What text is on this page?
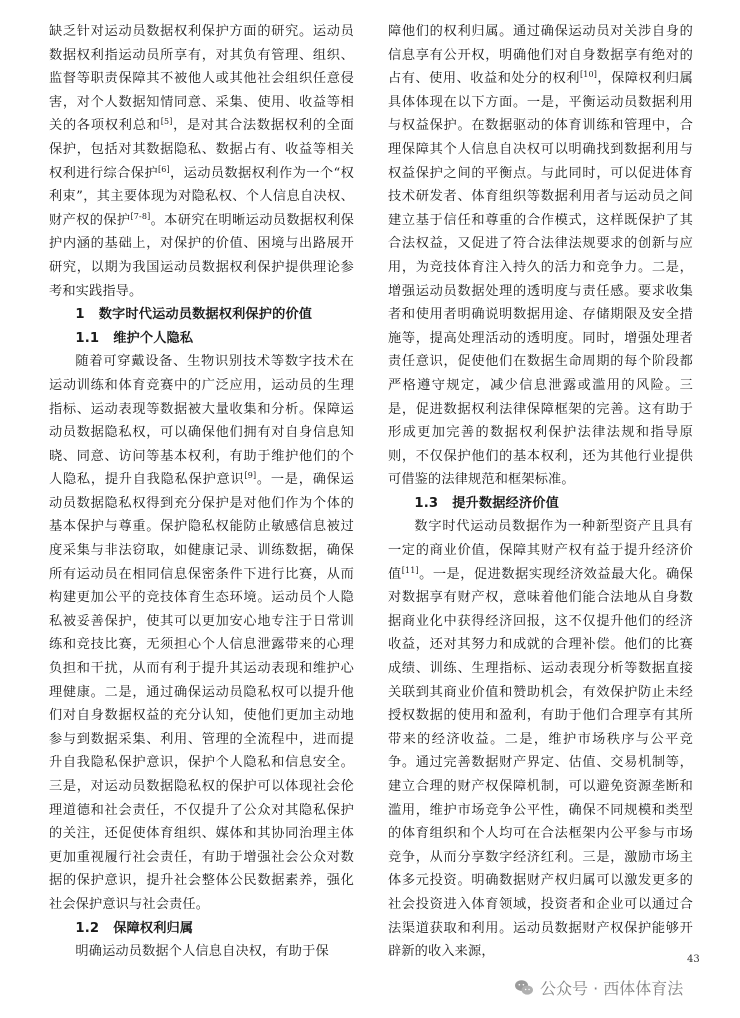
缺乏针对运动员数据权利保护方面的研究。运动员数据权利指运动员所享有，对其负有管理、组织、监督等职责保障其不被他人或其他社会组织任意侵害，对个人数据知情同意、采集、使用、收益等相关的各项权利总和[5]，是对其合法数据权利的全面保护，包括对其数据隐私、数据占有、收益等相关权利进行综合保护[6]，运动员数据权利作为一个“权利束”，其主要体现为对隐私权、个人信息自决权、财产权的保护[7-8]。本研究在明晰运动员数据权利保护内涵的基础上，对保护的价值、困境与出路展开研究，以期为我国运动员数据权利保护提供理论参考和实践指导。

1 数字时代运动员数据权利保护的价值

1.1 维护个人隐私

随着可穿戴设备、生物识别技术等数字技术在运动训练和体育竞赛中的广泛应用，运动员的生理指标、运动表现等数据被大量收集和分析。保障运动员数据隐私权，可以确保他们拥有对自身信息知晓、同意、访问等基本权利，有助于维护他们的个人隐私，提升自我隐私保护意识[9]。一是，确保运动员数据隐私权得到充分保护是对他们作为个体的基本保护与尊重。保护隐私权能防止敏感信息被过度采集与非法窃取，如健康记录、训练数据，确保所有运动员在相同信息保密条件下进行比赛，从而构建更加公平的竞技体育生态环境。运动员个人隐私被妥善保护，使其可以更加安心地专注于日常训练和竞技比赛，无须担心个人信息泄露带来的心理负担和干扰，从而有利于提升其运动表现和维护心理健康。二是，通过确保运动员隐私权可以提升他们对自身数据权益的充分认知，使他们更加主动地参与到数据采集、利用、管理的全流程中，进而提升自我隐私保护意识，保护个人隐私和信息安全。三是，对运动员数据隐私权的保护可以体现社会伦理道德和社会责任，不仅提升了公众对其隐私保护的关注，还促使体育组织、媒体和其协同治理主体更加重视履行社会责任，有助于增强社会公众对数据的保护意识，提升社会整体公民数据素养，强化社会保护意识与社会责任。

1.2 保障权利归属

明确运动员数据个人信息自决权，有助于保

障他们的权利归属。通过确保运动员对关涉自身的信息享有公开权，明确他们对自身数据享有绝对的占有、使用、收益和处分的权利[10]，保障权利归属具体体现在以下方面。一是，平衡运动员数据利用与权益保护。在数据驱动的体育训练和管理中，合理保障其个人信息自决权可以明确找到数据利用与权益保护之间的平衡点。与此同时，可以促进体育技术研发者、体育组织等数据利用者与运动员之间建立基于信任和尊重的合作模式，这样既保护了其合法权益，又促进了符合法律法规要求的创新与应用，为竞技体育注入持久的活力和竞争力。二是，增强运动员数据处理的透明度与责任感。要求收集者和使用者明确说明数据用途、存储期限及安全措施等，提高处理活动的透明度。同时，增强处理者责任意识，促使他们在数据生命周期的每个阶段都严格遵守规定，减少信息泄露或滥用的风险。三是，促进数据权利法律保障框架的完善。这有助于形成更加完善的数据权利保护法律法规和指导原则，不仅保护他们的基本权利，还为其他行业提供可借鉴的法律规范和框架标准。

1.3 提升数据经济价值

数字时代运动员数据作为一种新型资产且具有一定的商业价值，保障其财产权有益于提升经济价值[11]。一是，促进数据实现经济效益最大化。确保对数据享有财产权，意味着他们能合法地从自身数据商业化中获得经济回报，这不仅提升他们的经济收益，还对其努力和成就的合理补偿。他们的比赛成绩、训练、生理指标、运动表现分析等数据直接关联到其商业价值和赞助机会，有效保护防止未经授权数据的使用和盈利，有助于他们合理享有其所带来的经济收益。二是，维护市场秩序与公平竞争。通过完善数据财产界定、估值、交易机制等，建立合理的财产权保障机制，可以避免资源垄断和滥用，维护市场竞争公平性，确保不同规模和类型的体育组织和个人均可在合法框架内公平参与市场竞争，从而分享数字经济红利。三是，激励市场主体多元投资。明确数据财产权归属可以激发更多的社会投资进入体育领域，投资者和企业可以通过合法渠道获取和利用。运动员数据财产权保护能够开辟新的收入来源，

43
公众号 · 西体体育法
